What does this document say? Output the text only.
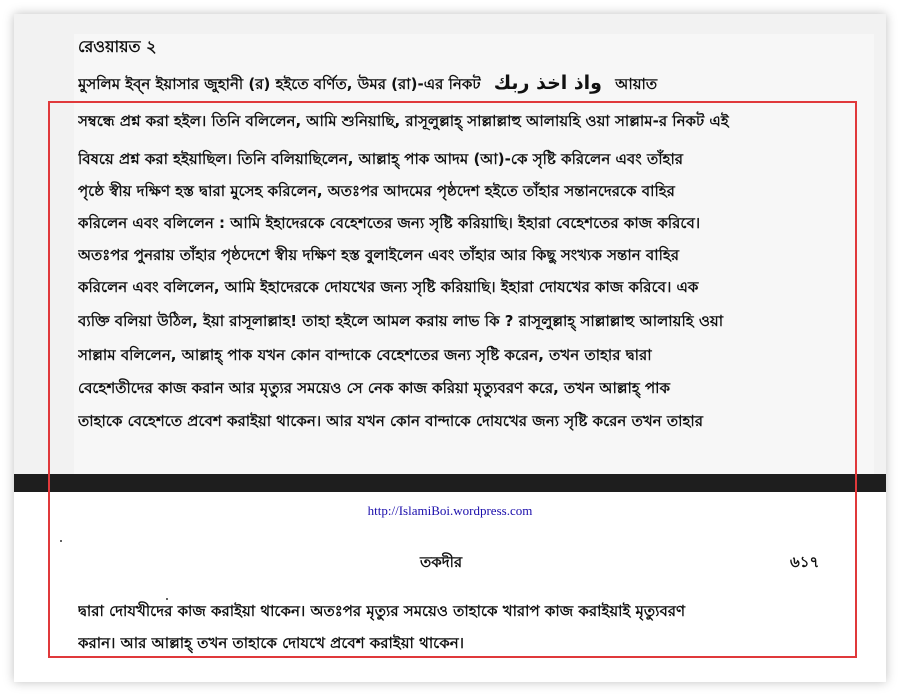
রেওয়ায়ত ২
মুসলিম ইব্ন ইয়াসার জুহানী (র) হইতে বর্ণিত, উমর (রা)-এর নিকট واذ اخذ ربك আয়াত
সম্বন্ধে প্রশ্ন করা হইল। তিনি বলিলেন, আমি শুনিয়াছি, রাসূলুল্লাহ্ সাল্লাল্লাহু আলায়হি ওয়া সাল্লাম-র নিকট এই
বিষয়ে প্রশ্ন করা হইয়াছিল। তিনি বলিয়াছিলেন, আল্লাহ্ পাক আদম (আ)-কে সৃষ্টি করিলেন এবং তাঁহার
পৃষ্ঠে স্বীয় দক্ষিণ হস্ত দ্বারা মুসেহ করিলেন, অতঃপর আদমের পৃষ্ঠদেশ হইতে তাঁহার সন্তানদেরকে বাহির
করিলেন এবং বলিলেন : আমি ইহাদেরকে বেহেশতের জন্য সৃষ্টি করিয়াছি। ইহারা বেহেশতের কাজ করিবে।
অতঃপর পুনরায় তাঁহার পৃষ্ঠদেশে স্বীয় দক্ষিণ হস্ত বুলাইলেন এবং তাঁহার আর কিছু সংখ্যক সন্তান বাহির
করিলেন এবং বলিলেন, আমি ইহাদেরকে দোযখের জন্য সৃষ্টি করিয়াছি। ইহারা দোযখের কাজ করিবে। এক
ব্যক্তি বলিয়া উঠিল, ইয়া রাসূলাল্লাহ! তাহা হইলে আমল করায় লাভ কি ? রাসূলুল্লাহ্ সাল্লাল্লাহু আলায়হি ওয়া
সাল্লাম বলিলেন, আল্লাহ্ পাক যখন কোন বান্দাকে বেহেশতের জন্য সৃষ্টি করেন, তখন তাহার দ্বারা
বেহেশতীদের কাজ করান আর মৃত্যুর সময়েও সে নেক কাজ করিয়া মৃত্যুবরণ করে, তখন আল্লাহ্ পাক
তাহাকে বেহেশতে প্রবেশ করাইয়া থাকেন। আর যখন কোন বান্দাকে দোযখের জন্য সৃষ্টি করেন তখন তাহার
http://IslamiBoi.wordpress.com
তকদীর	৬১৭
দ্বারা দোযখীদের কাজ করাইয়া থাকেন। অতঃপর মৃত্যুর সময়েও তাহাকে খারাপ কাজ করাইয়াই মৃত্যুবরণ
করান। আর আল্লাহ্ তখন তাহাকে দোযখে প্রবেশ করাইয়া থাকেন।
